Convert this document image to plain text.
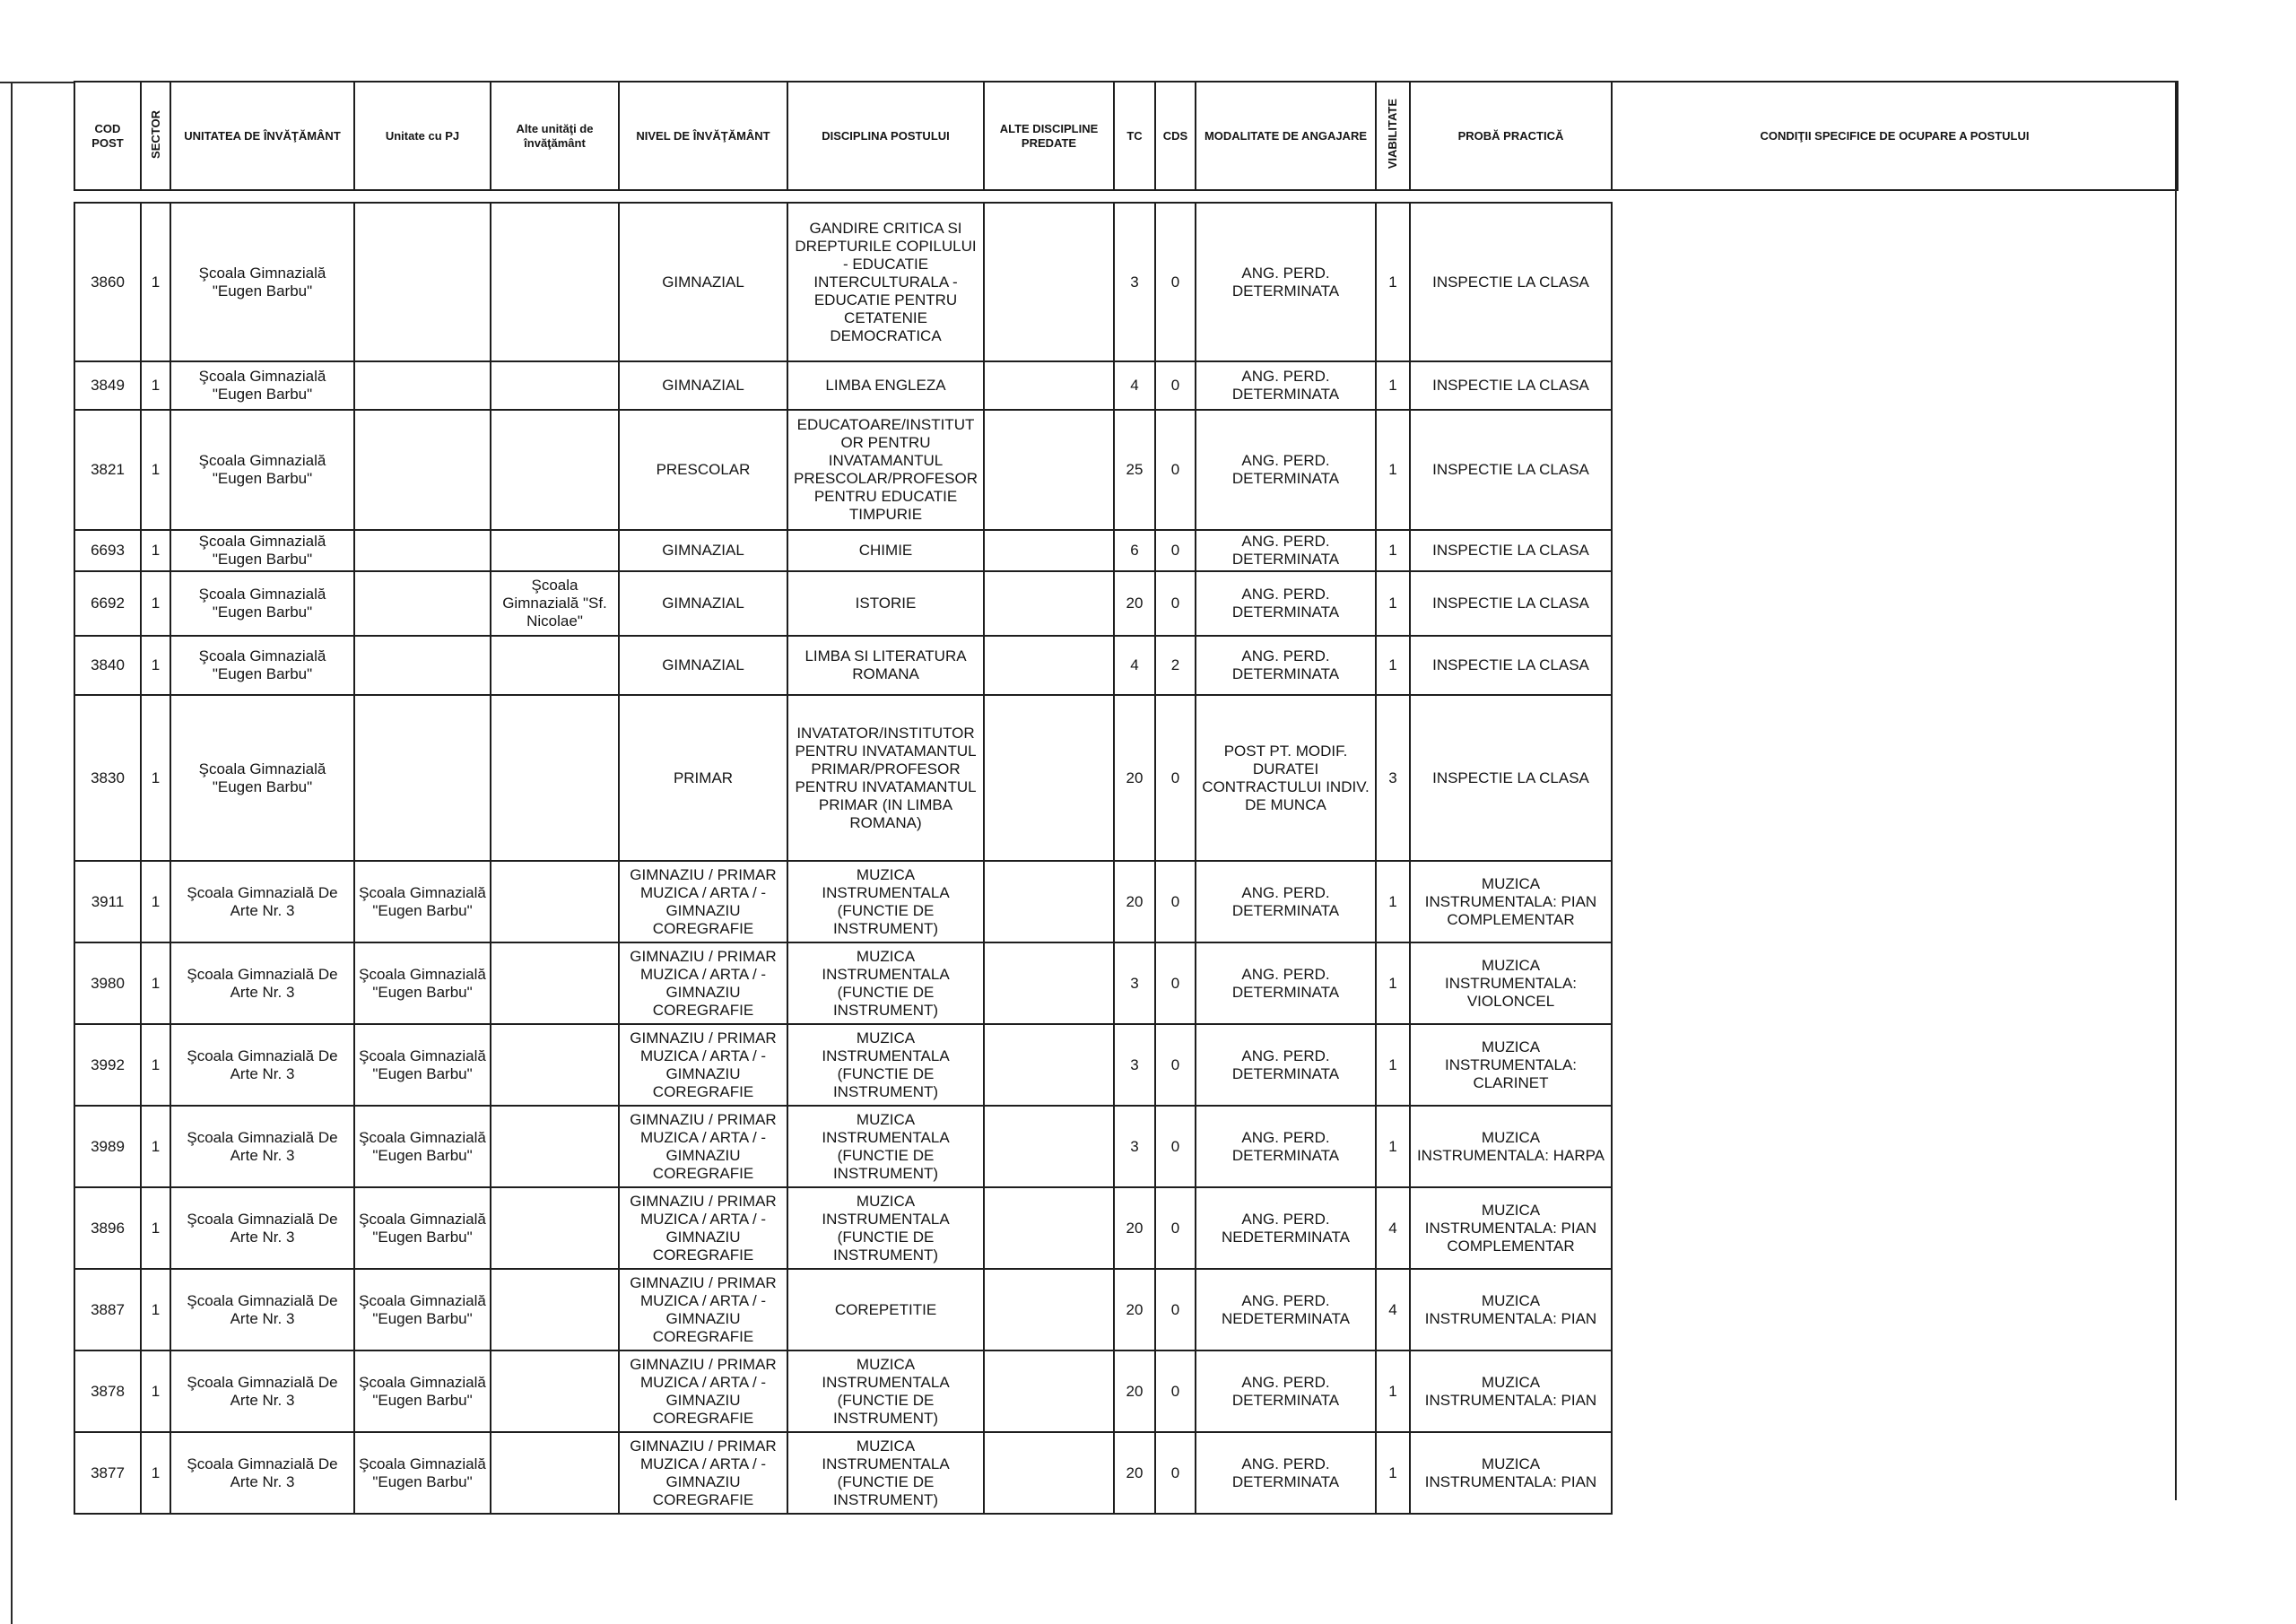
COD POST	SECTOR	UNITATEA DE ÎNVĂŢĂMÂNT	Unitate cu PJ	Alte unităţi de învăţământ	NIVEL DE ÎNVĂŢĂMÂNT	DISCIPLINA POSTULUI	ALTE DISCIPLINE PREDATE	TC	CDS	MODALITATE DE ANGAJARE	VIABILITATE	PROBĂ PRACTICĂ	CONDIŢII SPECIFICE DE OCUPARE A POSTULUI
3860	1	Şcoala Gimnazială "Eugen Barbu"			GIMNAZIAL	GANDIRE CRITICA SI DREPTURILE COPILULUI - EDUCATIE INTERCULTURALA - EDUCATIE PENTRU CETATENIE DEMOCRATICA		3	0	ANG. PERD. DETERMINATA	1	INSPECTIE LA CLASA
3849	1	Şcoala Gimnazială "Eugen Barbu"			GIMNAZIAL	LIMBA ENGLEZA		4	0	ANG. PERD. DETERMINATA	1	INSPECTIE LA CLASA
3821	1	Şcoala Gimnazială "Eugen Barbu"			PRESCOLAR	EDUCATOARE/INSTITUTOR PENTRU INVATAMANTUL PRESCOLAR/PROFESOR PENTRU EDUCATIE TIMPURIE		25	0	ANG. PERD. DETERMINATA	1	INSPECTIE LA CLASA
6693	1	Şcoala Gimnazială "Eugen Barbu"			GIMNAZIAL	CHIMIE		6	0	ANG. PERD. DETERMINATA	1	INSPECTIE LA CLASA
6692	1	Şcoala Gimnazială "Eugen Barbu"		Şcoala Gimnazială "Sf. Nicolae"	GIMNAZIAL	ISTORIE		20	0	ANG. PERD. DETERMINATA	1	INSPECTIE LA CLASA
3840	1	Şcoala Gimnazială "Eugen Barbu"			GIMNAZIAL	LIMBA SI LITERATURA ROMANA		4	2	ANG. PERD. DETERMINATA	1	INSPECTIE LA CLASA
3830	1	Şcoala Gimnazială "Eugen Barbu"			PRIMAR	INVATATOR/INSTITUTOR PENTRU INVATAMANTUL PRIMAR/PROFESOR PENTRU INVATAMANTUL PRIMAR (IN LIMBA ROMANA)		20	0	POST PT. MODIF. DURATEI CONTRACTULUI INDIV. DE MUNCA	3	INSPECTIE LA CLASA
3911	1	Şcoala Gimnazială De Arte Nr. 3	Şcoala Gimnazială "Eugen Barbu"		GIMNAZIU / PRIMAR MUZICA / ARTA / - GIMNAZIU COREGRAFIE	MUZICA INSTRUMENTALA (FUNCTIE DE INSTRUMENT)		20	0	ANG. PERD. DETERMINATA	1	MUZICA INSTRUMENTALA: PIAN COMPLEMENTAR
3980	1	Şcoala Gimnazială De Arte Nr. 3	Şcoala Gimnazială "Eugen Barbu"		GIMNAZIU / PRIMAR MUZICA / ARTA / - GIMNAZIU COREGRAFIE	MUZICA INSTRUMENTALA (FUNCTIE DE INSTRUMENT)		3	0	ANG. PERD. DETERMINATA	1	MUZICA INSTRUMENTALA: VIOLONCEL
3992	1	Şcoala Gimnazială De Arte Nr. 3	Şcoala Gimnazială "Eugen Barbu"		GIMNAZIU / PRIMAR MUZICA / ARTA / - GIMNAZIU COREGRAFIE	MUZICA INSTRUMENTALA (FUNCTIE DE INSTRUMENT)		3	0	ANG. PERD. DETERMINATA	1	MUZICA INSTRUMENTALA: CLARINET
3989	1	Şcoala Gimnazială De Arte Nr. 3	Şcoala Gimnazială "Eugen Barbu"		GIMNAZIU / PRIMAR MUZICA / ARTA / - GIMNAZIU COREGRAFIE	MUZICA INSTRUMENTALA (FUNCTIE DE INSTRUMENT)		3	0	ANG. PERD. DETERMINATA	1	MUZICA INSTRUMENTALA: HARPA
3896	1	Şcoala Gimnazială De Arte Nr. 3	Şcoala Gimnazială "Eugen Barbu"		GIMNAZIU / PRIMAR MUZICA / ARTA / - GIMNAZIU COREGRAFIE	MUZICA INSTRUMENTALA (FUNCTIE DE INSTRUMENT)		20	0	ANG. PERD. NEDETERMINATA	4	MUZICA INSTRUMENTALA: PIAN COMPLEMENTAR
3887	1	Şcoala Gimnazială De Arte Nr. 3	Şcoala Gimnazială "Eugen Barbu"		GIMNAZIU / PRIMAR MUZICA / ARTA / - GIMNAZIU COREGRAFIE	COREPETITIE		20	0	ANG. PERD. NEDETERMINATA	4	MUZICA INSTRUMENTALA: PIAN
3878	1	Şcoala Gimnazială De Arte Nr. 3	Şcoala Gimnazială "Eugen Barbu"		GIMNAZIU / PRIMAR MUZICA / ARTA / - GIMNAZIU COREGRAFIE	MUZICA INSTRUMENTALA (FUNCTIE DE INSTRUMENT)		20	0	ANG. PERD. DETERMINATA	1	MUZICA INSTRUMENTALA: PIAN
3877	1	Şcoala Gimnazială De Arte Nr. 3	Şcoala Gimnazială "Eugen Barbu"		GIMNAZIU / PRIMAR MUZICA / ARTA / - GIMNAZIU COREGRAFIE	MUZICA INSTRUMENTALA (FUNCTIE DE INSTRUMENT)		20	0	ANG. PERD. DETERMINATA	1	MUZICA INSTRUMENTALA: PIAN
